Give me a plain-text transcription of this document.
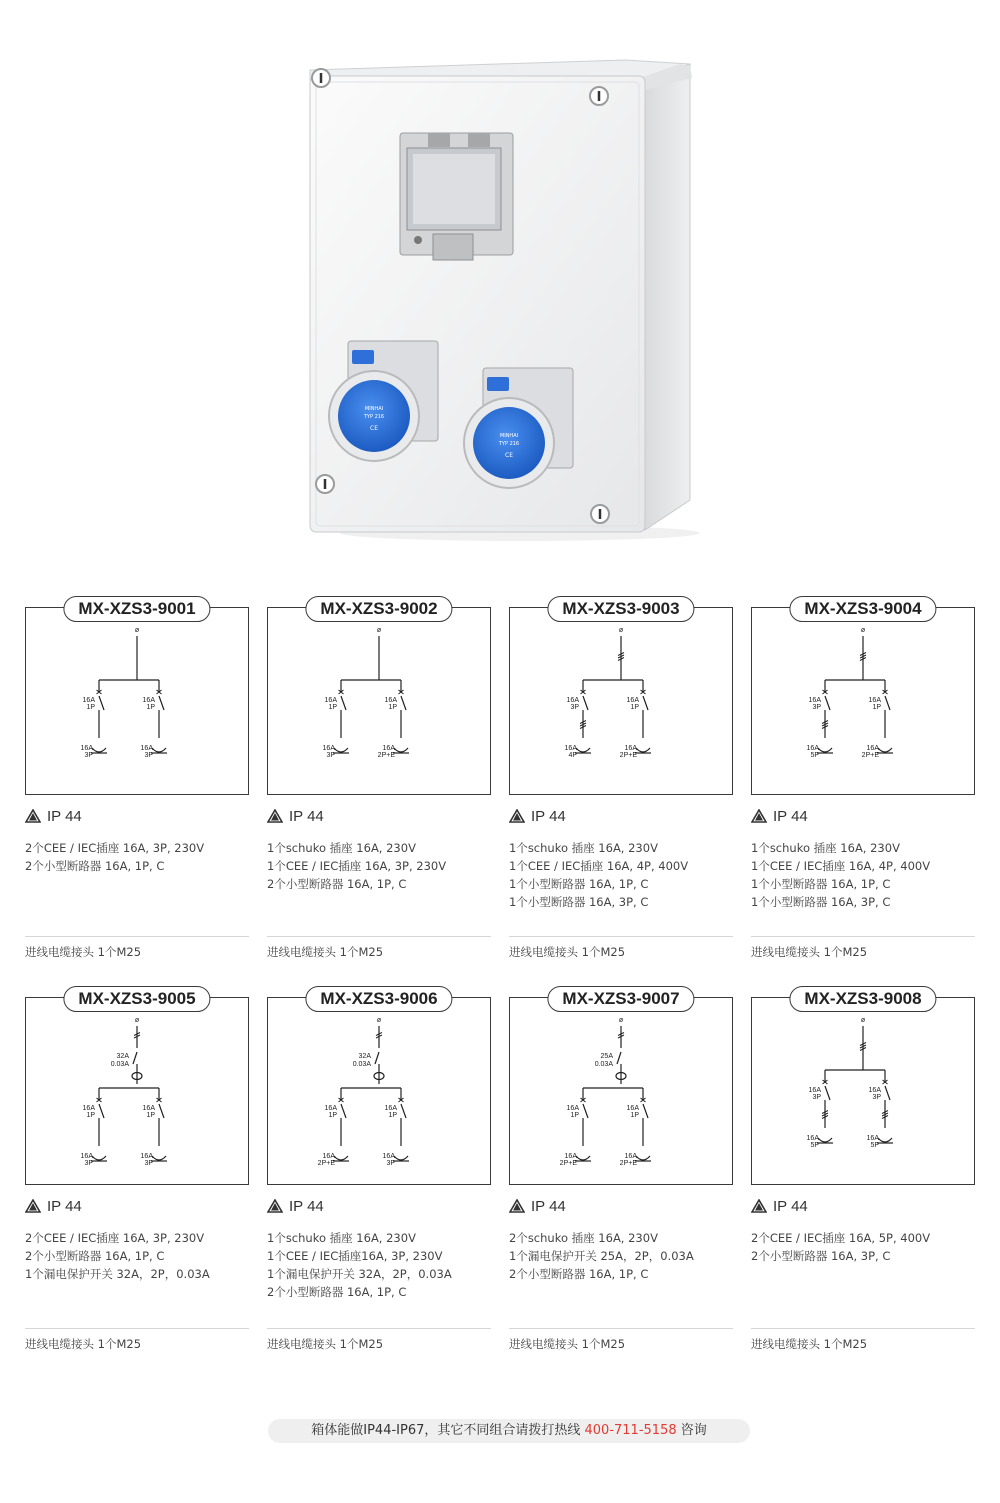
MINHAI
TYP 216
CE
MINHAI
TYP 216
CE
ø
16A
1P
16A
3P
16A
1P
16A
3P
MX-XZS3-9001
IP 44
2个CEE / IEC插座 16A, 3P, 230V
2个小型断路器 16A, 1P, C
进线电缆接头 1个M25
ø
16A
1P
16A
3P
16A
1P
16A
2P+E
MX-XZS3-9002
IP 44
1个schuko 插座 16A, 230V
1个CEE / IEC插座 16A, 3P, 230V
2个小型断路器 16A, 1P, C
进线电缆接头 1个M25
ø
16A
3P
16A
4P
16A
1P
16A
2P+E
MX-XZS3-9003
IP 44
1个schuko 插座 16A, 230V
1个CEE / IEC插座 16A, 4P, 400V
1个小型断路器 16A, 1P, C
1个小型断路器 16A, 3P, C
进线电缆接头 1个M25
ø
16A
3P
16A
5P
16A
1P
16A
2P+E
MX-XZS3-9004
IP 44
1个schuko 插座 16A, 230V
1个CEE / IEC插座 16A, 4P, 400V
1个小型断路器 16A, 1P, C
1个小型断路器 16A, 3P, C
进线电缆接头 1个M25
ø
32A
0.03A
16A
1P
16A
3P
16A
1P
16A
3P
MX-XZS3-9005
IP 44
2个CEE / IEC插座 16A, 3P, 230V
2个小型断路器 16A, 1P, C
1个漏电保护开关 32A，2P，0.03A
进线电缆接头 1个M25
ø
32A
0.03A
16A
1P
16A
2P+E
16A
1P
16A
3P
MX-XZS3-9006
IP 44
1个schuko 插座 16A, 230V
1个CEE / IEC插座16A, 3P, 230V
1个漏电保护开关 32A，2P，0.03A
2个小型断路器 16A, 1P, C
进线电缆接头 1个M25
ø
25A
0.03A
16A
1P
16A
2P+E
16A
1P
16A
2P+E
MX-XZS3-9007
IP 44
2个schuko 插座 16A, 230V
1个漏电保护开关 25A，2P，0.03A
2个小型断路器 16A, 1P, C
进线电缆接头 1个M25
ø
16A
3P
16A
5P
16A
3P
16A
5P
MX-XZS3-9008
IP 44
2个CEE / IEC插座 16A, 5P, 400V
2个小型断路器 16A, 3P, C
进线电缆接头 1个M25
箱体能做IP44-IP67，其它不同组合请拨打热线 400-711-5158 咨询
